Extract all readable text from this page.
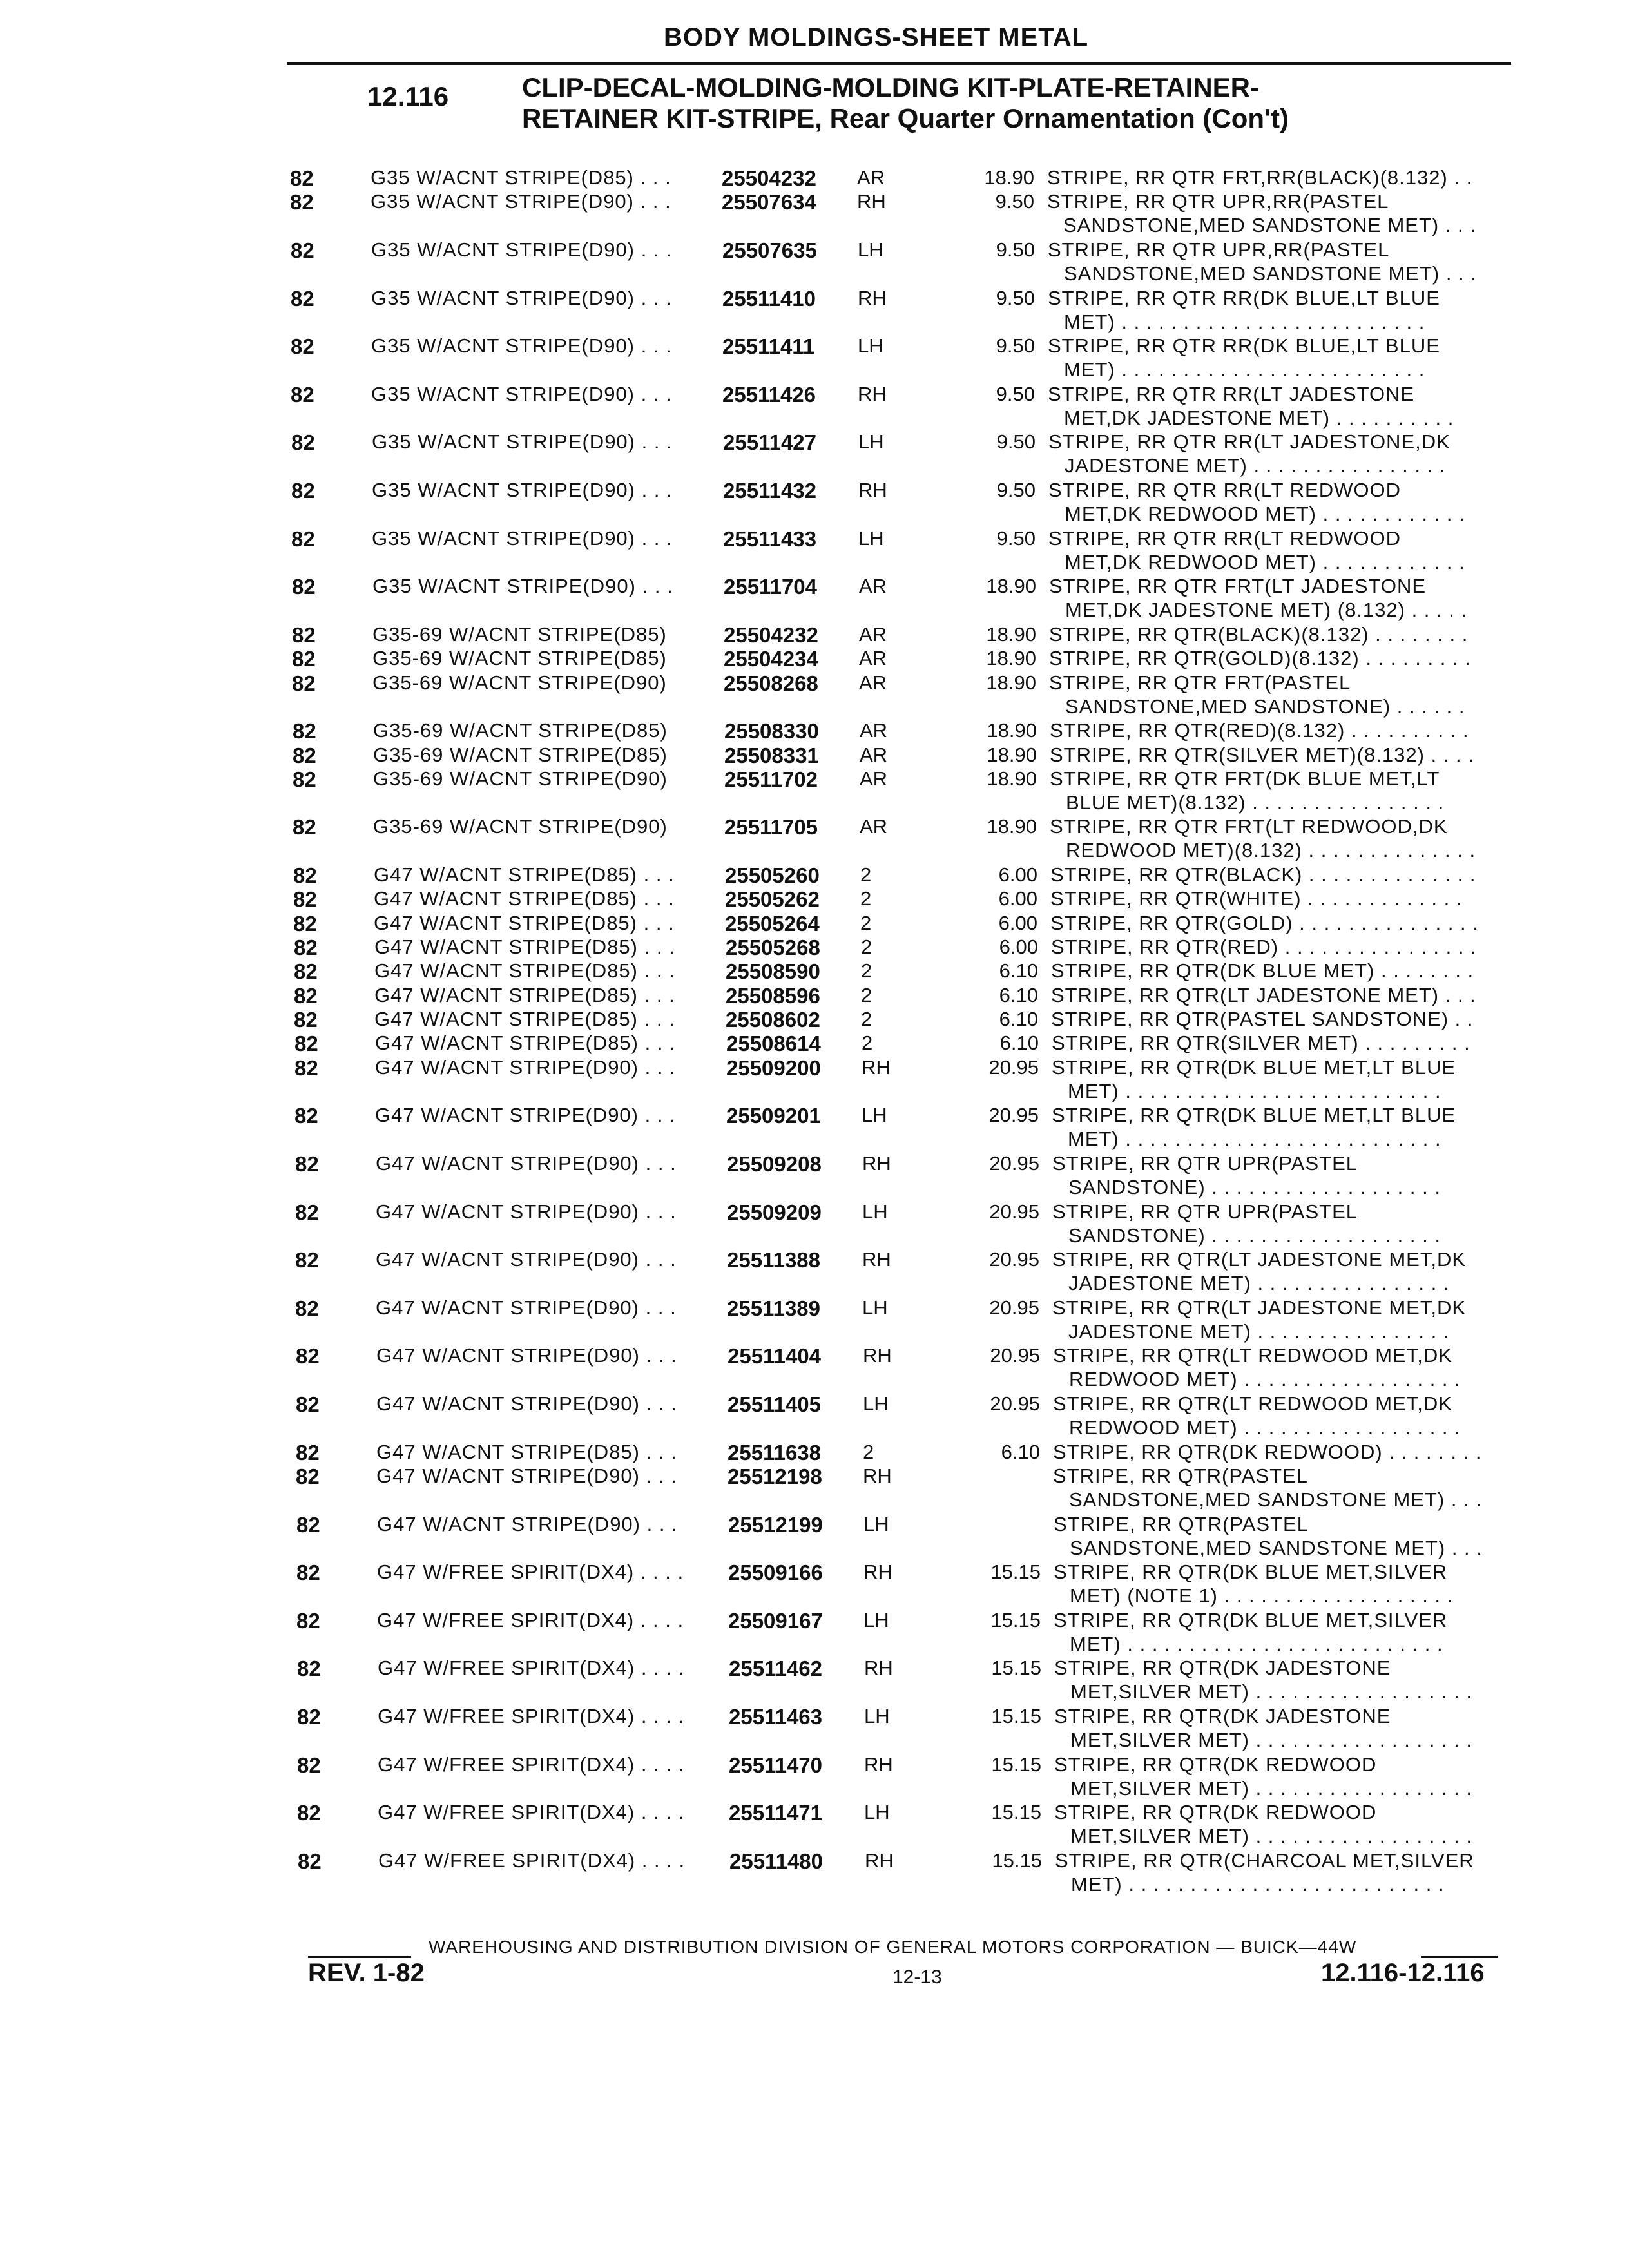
BODY MOLDINGS-SHEET METAL
12.116	CLIP-DECAL-MOLDING-MOLDING KIT-PLATE-RETAINER-
RETAINER KIT-STRIPE, Rear Quarter Ornamentation (Con't)
82	G35 W/ACNT STRIPE(D85) . . . 25504232 AR	18.90 STRIPE, RR QTR FRT,RR(BLACK)(8.132) . .
82	G35 W/ACNT STRIPE(D90) . . . 25507634 RH	9.50 STRIPE, RR QTR UPR,RR(PASTEL
SANDSTONE,MED SANDSTONE MET) . . .
82	G35 W/ACNT STRIPE(D90) . . . 25507635 LH	9.50 STRIPE, RR QTR UPR,RR(PASTEL
SANDSTONE,MED SANDSTONE MET) . . .
82	G35 W/ACNT STRIPE(D90) . . . 25511410 RH	9.50 STRIPE, RR QTR RR(DK BLUE,LT BLUE
MET) . . . . . . . . . . . . . . . . . . . . . . . . .
82	G35 W/ACNT STRIPE(D90) . . . 25511411 LH	9.50 STRIPE, RR QTR RR(DK BLUE,LT BLUE
MET) . . . . . . . . . . . . . . . . . . . . . . . . .
82	G35 W/ACNT STRIPE(D90) . . . 25511426 RH	9.50 STRIPE, RR QTR RR(LT JADESTONE
MET,DK JADESTONE MET) . . . . . . . . . .
82	G35 W/ACNT STRIPE(D90) . . . 25511427 LH	9.50 STRIPE, RR QTR RR(LT JADESTONE,DK
JADESTONE MET) . . . . . . . . . . . . . . . .
82	G35 W/ACNT STRIPE(D90) . . . 25511432 RH	9.50 STRIPE, RR QTR RR(LT REDWOOD
MET,DK REDWOOD MET) . . . . . . . . . . . .
82	G35 W/ACNT STRIPE(D90) . . . 25511433 LH	9.50 STRIPE, RR QTR RR(LT REDWOOD
MET,DK REDWOOD MET) . . . . . . . . . . . .
82	G35 W/ACNT STRIPE(D90) . . . 25511704 AR	18.90 STRIPE, RR QTR FRT(LT JADESTONE
MET,DK JADESTONE MET) (8.132) . . . . .
82	G35-69 W/ACNT STRIPE(D85)	25504232 AR	18.90 STRIPE, RR QTR(BLACK)(8.132) . . . . . . . .
82	G35-69 W/ACNT STRIPE(D85)	25504234 AR	18.90 STRIPE, RR QTR(GOLD)(8.132) . . . . . . . . .
82	G35-69 W/ACNT STRIPE(D90)	25508268 AR	18.90 STRIPE, RR QTR FRT(PASTEL
SANDSTONE,MED SANDSTONE) . . . . . .
82	G35-69 W/ACNT STRIPE(D85)	25508330 AR	18.90 STRIPE, RR QTR(RED)(8.132) . . . . . . . . . .
82	G35-69 W/ACNT STRIPE(D85)	25508331 AR	18.90 STRIPE, RR QTR(SILVER MET)(8.132) . . . .
82	G35-69 W/ACNT STRIPE(D90)	25511702 AR	18.90 STRIPE, RR QTR FRT(DK BLUE MET,LT
BLUE MET)(8.132) . . . . . . . . . . . . . . . .
82	G35-69 W/ACNT STRIPE(D90)	25511705 AR	18.90 STRIPE, RR QTR FRT(LT REDWOOD,DK
REDWOOD MET)(8.132) . . . . . . . . . . . . . .
82	G47 W/ACNT STRIPE(D85) . . . 25505260 2	6.00 STRIPE, RR QTR(BLACK) . . . . . . . . . . . . . .
82	G47 W/ACNT STRIPE(D85) . . . 25505262 2	6.00 STRIPE, RR QTR(WHITE) . . . . . . . . . . . . .
82	G47 W/ACNT STRIPE(D85) . . . 25505264 2	6.00 STRIPE, RR QTR(GOLD) . . . . . . . . . . . . . . .
82	G47 W/ACNT STRIPE(D85) . . . 25505268 2	6.00 STRIPE, RR QTR(RED) . . . . . . . . . . . . . . . .
82	G47 W/ACNT STRIPE(D85) . . . 25508590 2	6.10 STRIPE, RR QTR(DK BLUE MET) . . . . . . . .
82	G47 W/ACNT STRIPE(D85) . . . 25508596 2	6.10 STRIPE, RR QTR(LT JADESTONE MET) . . .
82	G47 W/ACNT STRIPE(D85) . . . 25508602 2	6.10 STRIPE, RR QTR(PASTEL SANDSTONE) . .
82	G47 W/ACNT STRIPE(D85) . . . 25508614 2	6.10 STRIPE, RR QTR(SILVER MET) . . . . . . . . .
82	G47 W/ACNT STRIPE(D90) . . . 25509200 RH	20.95 STRIPE, RR QTR(DK BLUE MET,LT BLUE
MET) . . . . . . . . . . . . . . . . . . . . . . . . . .
82	G47 W/ACNT STRIPE(D90) . . . 25509201 LH	20.95 STRIPE, RR QTR(DK BLUE MET,LT BLUE
MET) . . . . . . . . . . . . . . . . . . . . . . . . . .
82	G47 W/ACNT STRIPE(D90) . . . 25509208 RH	20.95 STRIPE, RR QTR UPR(PASTEL
SANDSTONE) . . . . . . . . . . . . . . . . . . .
82	G47 W/ACNT STRIPE(D90) . . . 25509209 LH	20.95 STRIPE, RR QTR UPR(PASTEL
SANDSTONE) . . . . . . . . . . . . . . . . . . .
82	G47 W/ACNT STRIPE(D90) . . . 25511388 RH	20.95 STRIPE, RR QTR(LT JADESTONE MET,DK
JADESTONE MET) . . . . . . . . . . . . . . . .
82	G47 W/ACNT STRIPE(D90) . . . 25511389 LH	20.95 STRIPE, RR QTR(LT JADESTONE MET,DK
JADESTONE MET) . . . . . . . . . . . . . . . .
82	G47 W/ACNT STRIPE(D90) . . . 25511404 RH	20.95 STRIPE, RR QTR(LT REDWOOD MET,DK
REDWOOD MET) . . . . . . . . . . . . . . . . . .
82	G47 W/ACNT STRIPE(D90) . . . 25511405 LH	20.95 STRIPE, RR QTR(LT REDWOOD MET,DK
REDWOOD MET) . . . . . . . . . . . . . . . . . .
82	G47 W/ACNT STRIPE(D85) . . . 25511638 2	6.10 STRIPE, RR QTR(DK REDWOOD) . . . . . . . .
82	G47 W/ACNT STRIPE(D90) . . . 25512198 RH	STRIPE, RR QTR(PASTEL
SANDSTONE,MED SANDSTONE MET) . . .
82	G47 W/ACNT STRIPE(D90) . . . 25512199 LH	STRIPE, RR QTR(PASTEL
SANDSTONE,MED SANDSTONE MET) . . .
82	G47 W/FREE SPIRIT(DX4) . . . . 25509166 RH	15.15 STRIPE, RR QTR(DK BLUE MET,SILVER
MET) (NOTE 1) . . . . . . . . . . . . . . . . . . .
82	G47 W/FREE SPIRIT(DX4) . . . . 25509167 LH	15.15 STRIPE, RR QTR(DK BLUE MET,SILVER
MET) . . . . . . . . . . . . . . . . . . . . . . . . . .
82	G47 W/FREE SPIRIT(DX4) . . . . 25511462 RH	15.15 STRIPE, RR QTR(DK JADESTONE
MET,SILVER MET) . . . . . . . . . . . . . . . . . .
82	G47 W/FREE SPIRIT(DX4) . . . . 25511463 LH	15.15 STRIPE, RR QTR(DK JADESTONE
MET,SILVER MET) . . . . . . . . . . . . . . . . . .
82	G47 W/FREE SPIRIT(DX4) . . . . 25511470 RH	15.15 STRIPE, RR QTR(DK REDWOOD
MET,SILVER MET) . . . . . . . . . . . . . . . . . .
82	G47 W/FREE SPIRIT(DX4) . . . . 25511471 LH	15.15 STRIPE, RR QTR(DK REDWOOD
MET,SILVER MET) . . . . . . . . . . . . . . . . . .
82	G47 W/FREE SPIRIT(DX4) . . . . 25511480 RH	15.15 STRIPE, RR QTR(CHARCOAL MET,SILVER
MET) . . . . . . . . . . . . . . . . . . . . . . . . . .
WAREHOUSING AND DISTRIBUTION DIVISION OF GENERAL MOTORS CORPORATION — BUICK—44W
REV. 1-82	12-13	12.116-12.116
